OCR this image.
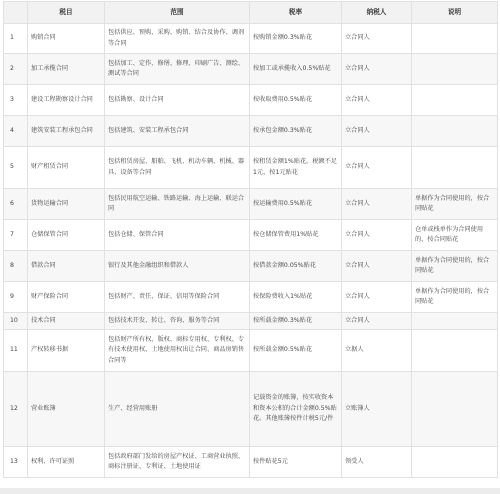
	税目	范围	税率	纳税人	说明
1	购销合同	包括供应、预购、采购、购销、结合及协作、调剂等合同	按购销金额0.3%贴花	立合同人	
2	加工承揽合同	包括加工、定作、修缮、修理、印刷广告、测绘、测试等合同	按加工或承揽收入0.5%贴花	立合同人	
3	建设工程勘察设计合同	包括勘察、设计合同	按收取费用0.5%贴花	立合同人	
4	建筑安装工程承包合同	包括建筑、安装工程承包合同	按承包金额0.3%贴花	立合同人	
5	财产租赁合同	包括租赁房屋、船舶、飞机、机动车辆、机械、器具、设备等合同	按租赁金额1%贴花。税额不足1元，按1元贴花	立合同人	
6	货物运输合同	包括民用航空运输、铁路运输、海上运输、联运合同	按运输费用0.5%贴花	立合同人	单据作为合同使用的，按合同贴花
7	仓储保管合同	包括仓储、保管合同	按仓储保管费用1%贴花	立合同人	仓单或栈单作为合同使用的，按合同贴花
8	借款合同	银行及其他金融组织和借款人	按借款金额0.05%贴花	立合同人	单据作为合同使用的，按合同贴花
9	财产保险合同	包括财产、责任、保证、信用等保险合同	按保险费收入1%贴花	立合同人	单据作为合同使用的，按合同贴花
10	技术合同	包括技术开发、转让、咨询、服务等合同	按所载金额0.3%贴花	立合同人	
11	产权转移书据	包括财产所有权、版权、商标专用权、专利权、专有技术使用权、土地使用权出让合同、商品房销售合同等	按所载金额0.5%贴花	立据人	
12	营业账簿	生产、经营用账册	记载资金的账簿，按实收资本和资本公积的合计金额0.5%贴花。其他账簿按件计税5元/件	立账簿人	
13	权利、许可证照	包括政府部门发给的房屋产权证、工商营业执照、商标注册证、专利证、土地使用证	按件贴花5元	领受人	
